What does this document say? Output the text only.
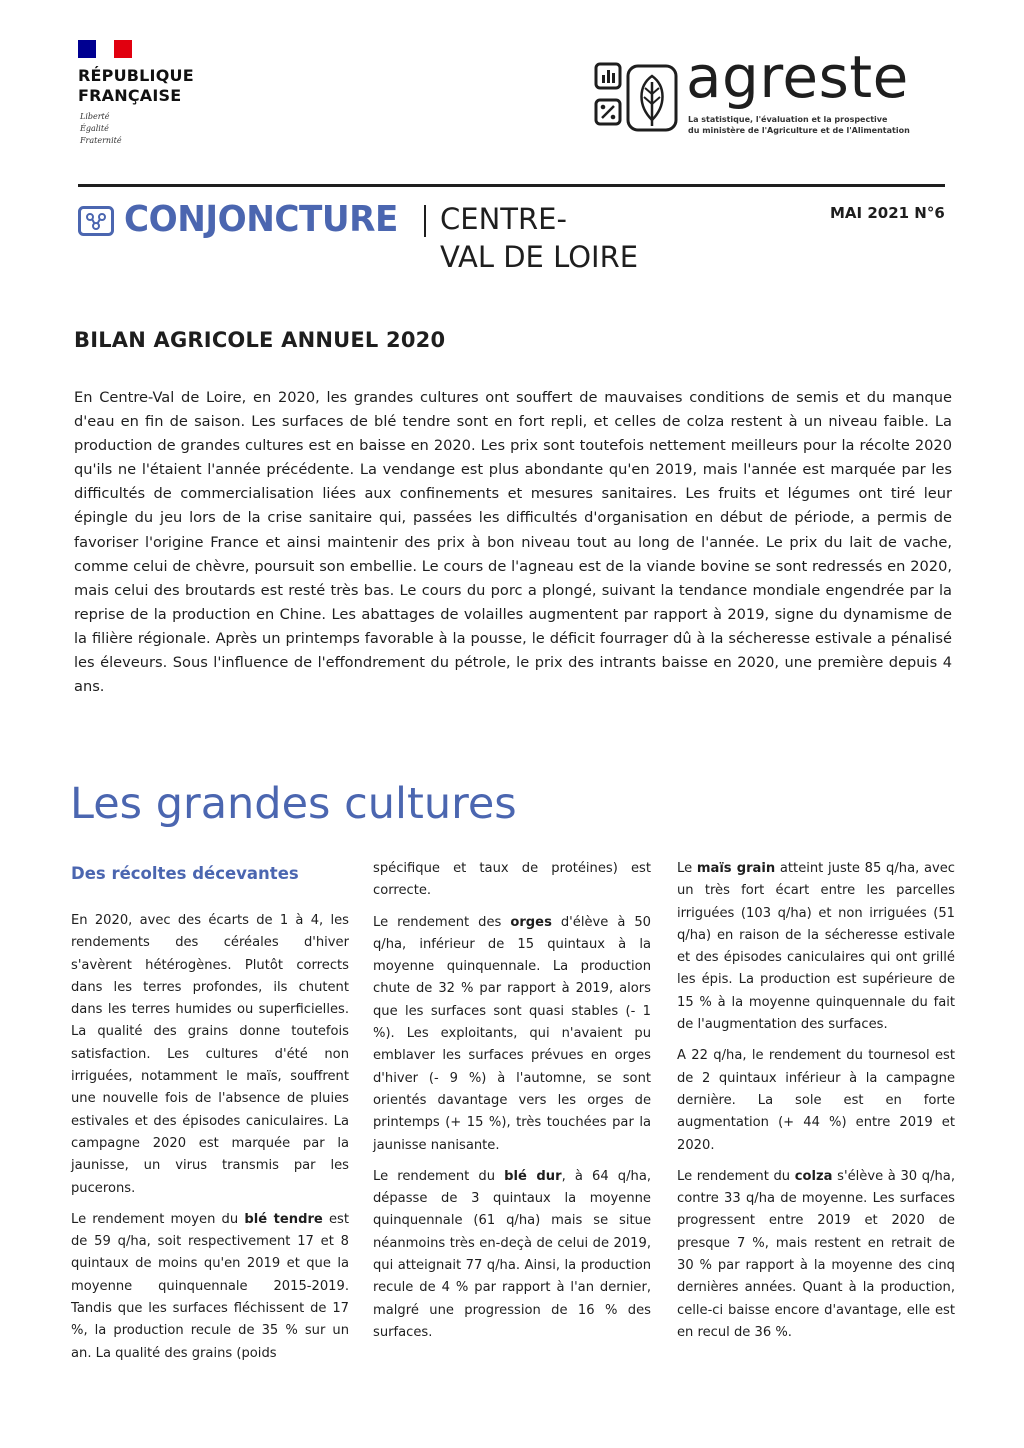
RÉPUBLIQUE
FRANÇAISE
Liberté
Égalité
Fraternité
agreste
La statistique, l'évaluation et la prospective
du ministère de l'Agriculture et de l'Alimentation
CONJONCTURE CENTRE-
VAL DE LOIRE
MAI 2021 N°6
BILAN AGRICOLE ANNUEL 2020

En Centre-Val de Loire, en 2020, les grandes cultures ont souffert de mauvaises conditions de semis et du manque d'eau en fin de saison. Les surfaces de blé tendre sont en fort repli, et celles de colza restent à un niveau faible. La production de grandes cultures est en baisse en 2020. Les prix sont toutefois nettement meilleurs pour la récolte 2020 qu'ils ne l'étaient l'année précédente. La vendange est plus abondante qu'en 2019, mais l'année est marquée par les difficultés de commercialisation liées aux confinements et mesures sanitaires. Les fruits et légumes ont tiré leur épingle du jeu lors de la crise sanitaire qui, passées les difficultés d'organisation en début de période, a permis de favoriser l'origine France et ainsi maintenir des prix à bon niveau tout au long de l'année. Le prix du lait de vache, comme celui de chèvre, poursuit son embellie. Le cours de l'agneau est de la viande bovine se sont redressés en 2020, mais celui des broutards est resté très bas. Le cours du porc a plongé, suivant la tendance mondiale engendrée par la reprise de la production en Chine. Les abattages de volailles augmentent par rapport à 2019, signe du dynamisme de la filière régionale. Après un printemps favorable à la pousse, le déficit fourrager dû à la sécheresse estivale a pénalisé les éleveurs. Sous l'influence de l'effondrement du pétrole, le prix des intrants baisse en 2020, une première depuis 4 ans.

Les grandes cultures
Des récoltes décevantes

En 2020, avec des écarts de 1 à 4, les rendements des céréales d'hiver s'avèrent hétérogènes. Plutôt corrects dans les terres profondes, ils chutent dans les terres humides ou superficielles. La qualité des grains donne toutefois satisfaction. Les cultures d'été non irriguées, notamment le maïs, souffrent une nouvelle fois de l'absence de pluies estivales et des épisodes caniculaires. La campagne 2020 est marquée par la jaunisse, un virus transmis par les pucerons.

Le rendement moyen du blé tendre est de 59 q/ha, soit respectivement 17 et 8 quintaux de moins qu'en 2019 et que la moyenne quinquennale 2015-2019. Tandis que les surfaces fléchissent de 17 %, la production recule de 35 % sur un an. La qualité des grains (poids

spécifique et taux de protéines) est correcte.

Le rendement des orges d'élève à 50 q/ha, inférieur de 15 quintaux à la moyenne quinquennale. La production chute de 32 % par rapport à 2019, alors que les surfaces sont quasi stables (- 1 %). Les exploitants, qui n'avaient pu emblaver les surfaces prévues en orges d'hiver (- 9 %) à l'automne, se sont orientés davantage vers les orges de printemps (+ 15 %), très touchées par la jaunisse nanisante.

Le rendement du blé dur, à 64 q/ha, dépasse de 3 quintaux la moyenne quinquennale (61 q/ha) mais se situe néanmoins très en-deçà de celui de 2019, qui atteignait 77 q/ha. Ainsi, la production recule de 4 % par rapport à l'an dernier, malgré une progression de 16 % des surfaces.

Le maïs grain atteint juste 85 q/ha, avec un très fort écart entre les parcelles irriguées (103 q/ha) et non irriguées (51 q/ha) en raison de la sécheresse estivale et des épisodes caniculaires qui ont grillé les épis. La production est supérieure de 15 % à la moyenne quinquennale du fait de l'augmentation des surfaces.

A 22 q/ha, le rendement du tournesol est de 2 quintaux inférieur à la campagne dernière. La sole est en forte augmentation (+ 44 %) entre 2019 et 2020.

Le rendement du colza s'élève à 30 q/ha, contre 33 q/ha de moyenne. Les surfaces progressent entre 2019 et 2020 de presque 7 %, mais restent en retrait de 30 % par rapport à la moyenne des cinq dernières années. Quant à la production, celle-ci baisse encore d'avantage, elle est en recul de 36 %.
